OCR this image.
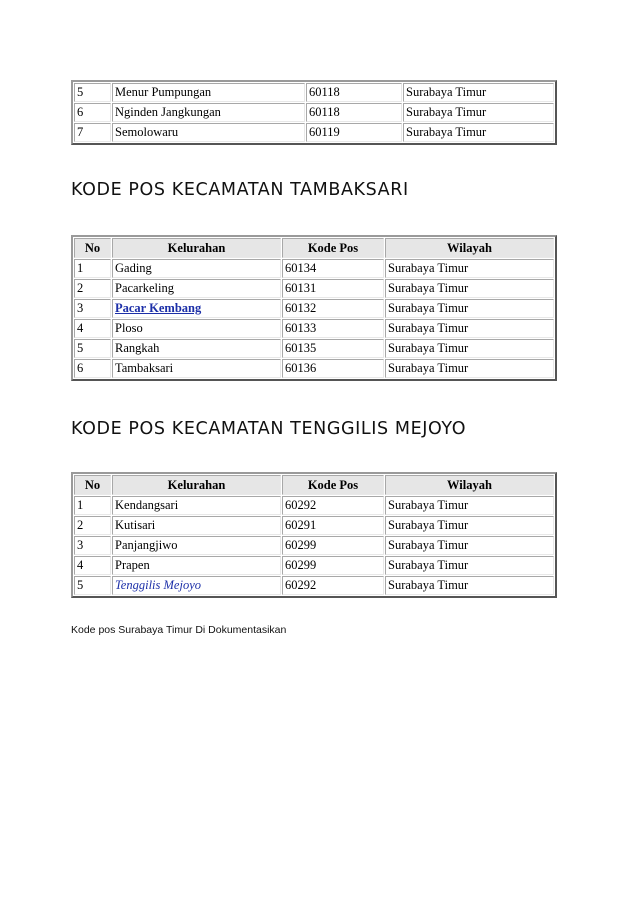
5	Menur Pumpungan	60118	Surabaya Timur
6	Nginden Jangkungan	60118	Surabaya Timur
7	Semolowaru	60119	Surabaya Timur
KODE POS KECAMATAN TAMBAKSARI
No	Kelurahan	Kode Pos	Wilayah
1	Gading	60134	Surabaya Timur
2	Pacarkeling	60131	Surabaya Timur
3	Pacar Kembang	60132	Surabaya Timur
4	Ploso	60133	Surabaya Timur
5	Rangkah	60135	Surabaya Timur
6	Tambaksari	60136	Surabaya Timur
KODE POS KECAMATAN TENGGILIS MEJOYO
No	Kelurahan	Kode Pos	Wilayah
1	Kendangsari	60292	Surabaya Timur
2	Kutisari	60291	Surabaya Timur
3	Panjangjiwo	60299	Surabaya Timur
4	Prapen	60299	Surabaya Timur
5	Tenggilis Mejoyo	60292	Surabaya Timur
Kode pos Surabaya Timur Di Dokumentasikan
